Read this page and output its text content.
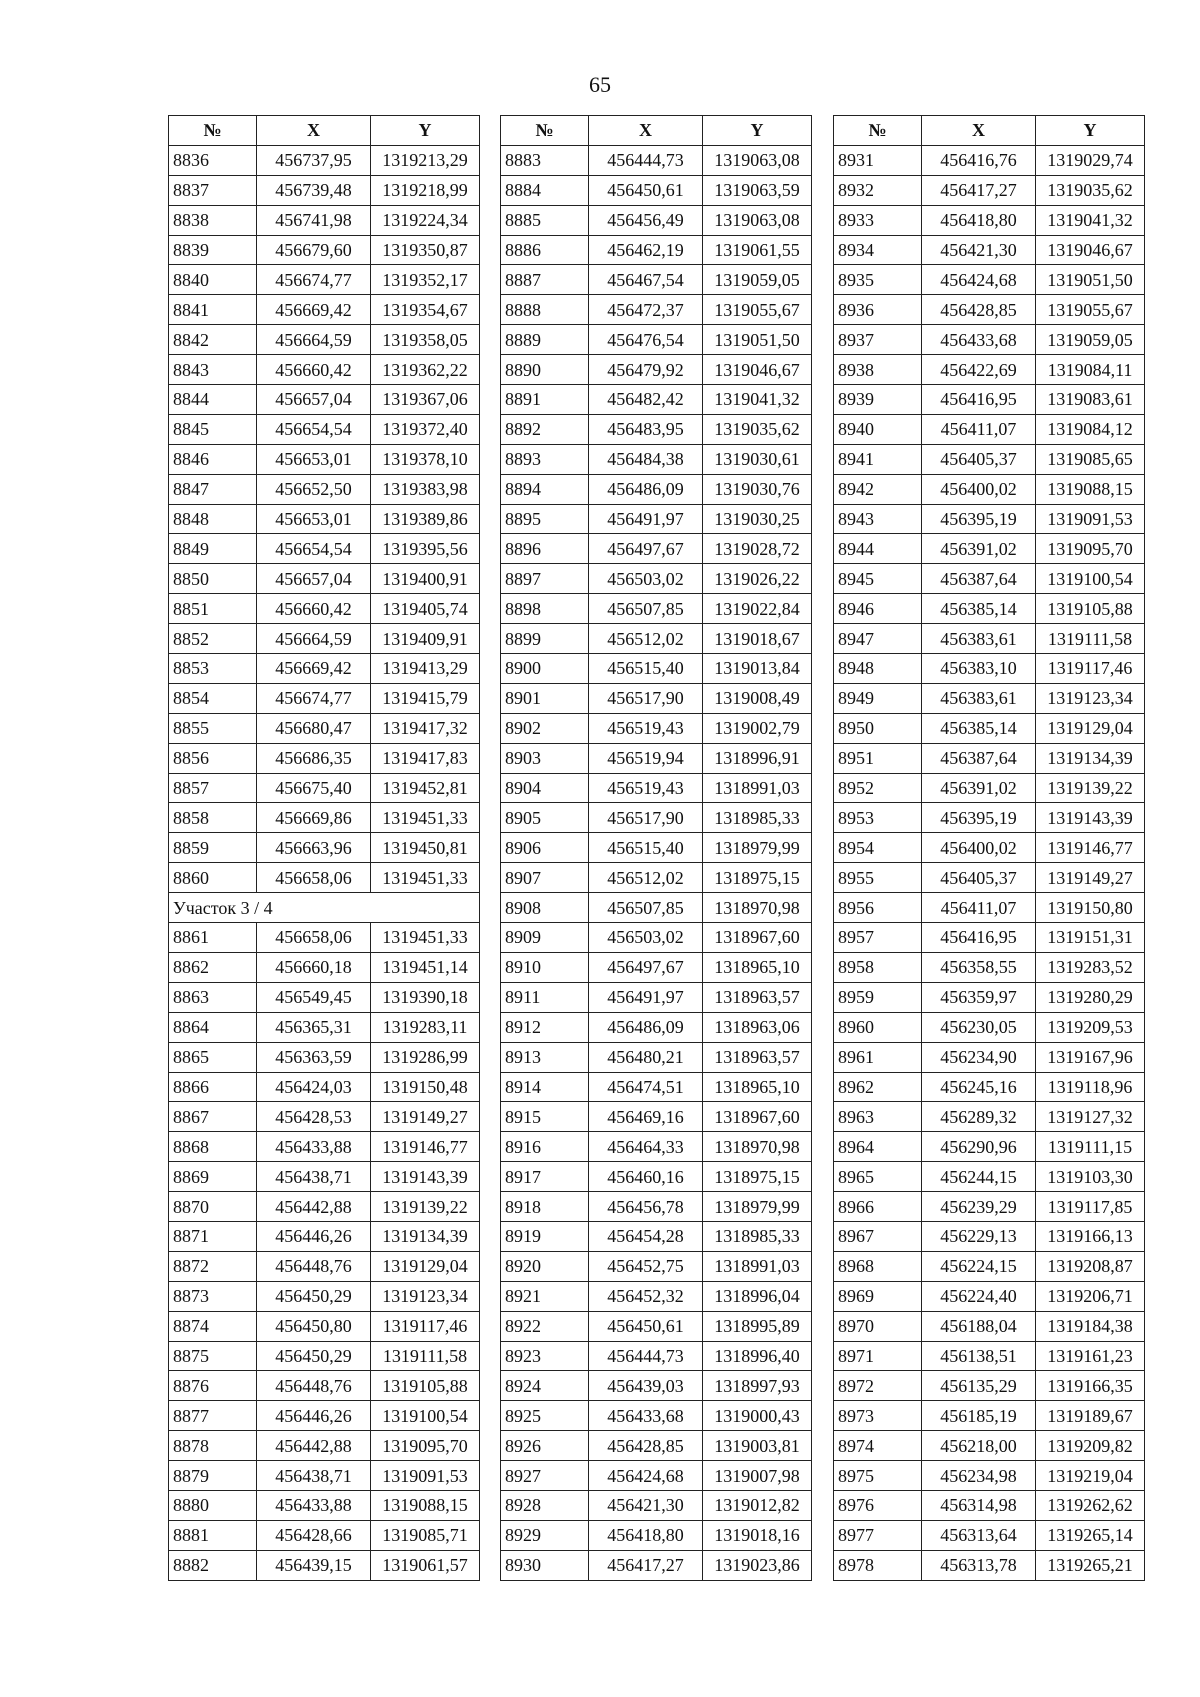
65
№	X	Y
8836	456737,95	1319213,29
8837	456739,48	1319218,99
8838	456741,98	1319224,34
8839	456679,60	1319350,87
8840	456674,77	1319352,17
8841	456669,42	1319354,67
8842	456664,59	1319358,05
8843	456660,42	1319362,22
8844	456657,04	1319367,06
8845	456654,54	1319372,40
8846	456653,01	1319378,10
8847	456652,50	1319383,98
8848	456653,01	1319389,86
8849	456654,54	1319395,56
8850	456657,04	1319400,91
8851	456660,42	1319405,74
8852	456664,59	1319409,91
8853	456669,42	1319413,29
8854	456674,77	1319415,79
8855	456680,47	1319417,32
8856	456686,35	1319417,83
8857	456675,40	1319452,81
8858	456669,86	1319451,33
8859	456663,96	1319450,81
8860	456658,06	1319451,33
Участок 3 / 4		
8861	456658,06	1319451,33
8862	456660,18	1319451,14
8863	456549,45	1319390,18
8864	456365,31	1319283,11
8865	456363,59	1319286,99
8866	456424,03	1319150,48
8867	456428,53	1319149,27
8868	456433,88	1319146,77
8869	456438,71	1319143,39
8870	456442,88	1319139,22
8871	456446,26	1319134,39
8872	456448,76	1319129,04
8873	456450,29	1319123,34
8874	456450,80	1319117,46
8875	456450,29	1319111,58
8876	456448,76	1319105,88
8877	456446,26	1319100,54
8878	456442,88	1319095,70
8879	456438,71	1319091,53
8880	456433,88	1319088,15
8881	456428,66	1319085,71
8882	456439,15	1319061,57
№	X	Y
8883	456444,73	1319063,08
8884	456450,61	1319063,59
8885	456456,49	1319063,08
8886	456462,19	1319061,55
8887	456467,54	1319059,05
8888	456472,37	1319055,67
8889	456476,54	1319051,50
8890	456479,92	1319046,67
8891	456482,42	1319041,32
8892	456483,95	1319035,62
8893	456484,38	1319030,61
8894	456486,09	1319030,76
8895	456491,97	1319030,25
8896	456497,67	1319028,72
8897	456503,02	1319026,22
8898	456507,85	1319022,84
8899	456512,02	1319018,67
8900	456515,40	1319013,84
8901	456517,90	1319008,49
8902	456519,43	1319002,79
8903	456519,94	1318996,91
8904	456519,43	1318991,03
8905	456517,90	1318985,33
8906	456515,40	1318979,99
8907	456512,02	1318975,15
8908	456507,85	1318970,98
8909	456503,02	1318967,60
8910	456497,67	1318965,10
8911	456491,97	1318963,57
8912	456486,09	1318963,06
8913	456480,21	1318963,57
8914	456474,51	1318965,10
8915	456469,16	1318967,60
8916	456464,33	1318970,98
8917	456460,16	1318975,15
8918	456456,78	1318979,99
8919	456454,28	1318985,33
8920	456452,75	1318991,03
8921	456452,32	1318996,04
8922	456450,61	1318995,89
8923	456444,73	1318996,40
8924	456439,03	1318997,93
8925	456433,68	1319000,43
8926	456428,85	1319003,81
8927	456424,68	1319007,98
8928	456421,30	1319012,82
8929	456418,80	1319018,16
8930	456417,27	1319023,86
№	X	Y
8931	456416,76	1319029,74
8932	456417,27	1319035,62
8933	456418,80	1319041,32
8934	456421,30	1319046,67
8935	456424,68	1319051,50
8936	456428,85	1319055,67
8937	456433,68	1319059,05
8938	456422,69	1319084,11
8939	456416,95	1319083,61
8940	456411,07	1319084,12
8941	456405,37	1319085,65
8942	456400,02	1319088,15
8943	456395,19	1319091,53
8944	456391,02	1319095,70
8945	456387,64	1319100,54
8946	456385,14	1319105,88
8947	456383,61	1319111,58
8948	456383,10	1319117,46
8949	456383,61	1319123,34
8950	456385,14	1319129,04
8951	456387,64	1319134,39
8952	456391,02	1319139,22
8953	456395,19	1319143,39
8954	456400,02	1319146,77
8955	456405,37	1319149,27
8956	456411,07	1319150,80
8957	456416,95	1319151,31
8958	456358,55	1319283,52
8959	456359,97	1319280,29
8960	456230,05	1319209,53
8961	456234,90	1319167,96
8962	456245,16	1319118,96
8963	456289,32	1319127,32
8964	456290,96	1319111,15
8965	456244,15	1319103,30
8966	456239,29	1319117,85
8967	456229,13	1319166,13
8968	456224,15	1319208,87
8969	456224,40	1319206,71
8970	456188,04	1319184,38
8971	456138,51	1319161,23
8972	456135,29	1319166,35
8973	456185,19	1319189,67
8974	456218,00	1319209,82
8975	456234,98	1319219,04
8976	456314,98	1319262,62
8977	456313,64	1319265,14
8978	456313,78	1319265,21
